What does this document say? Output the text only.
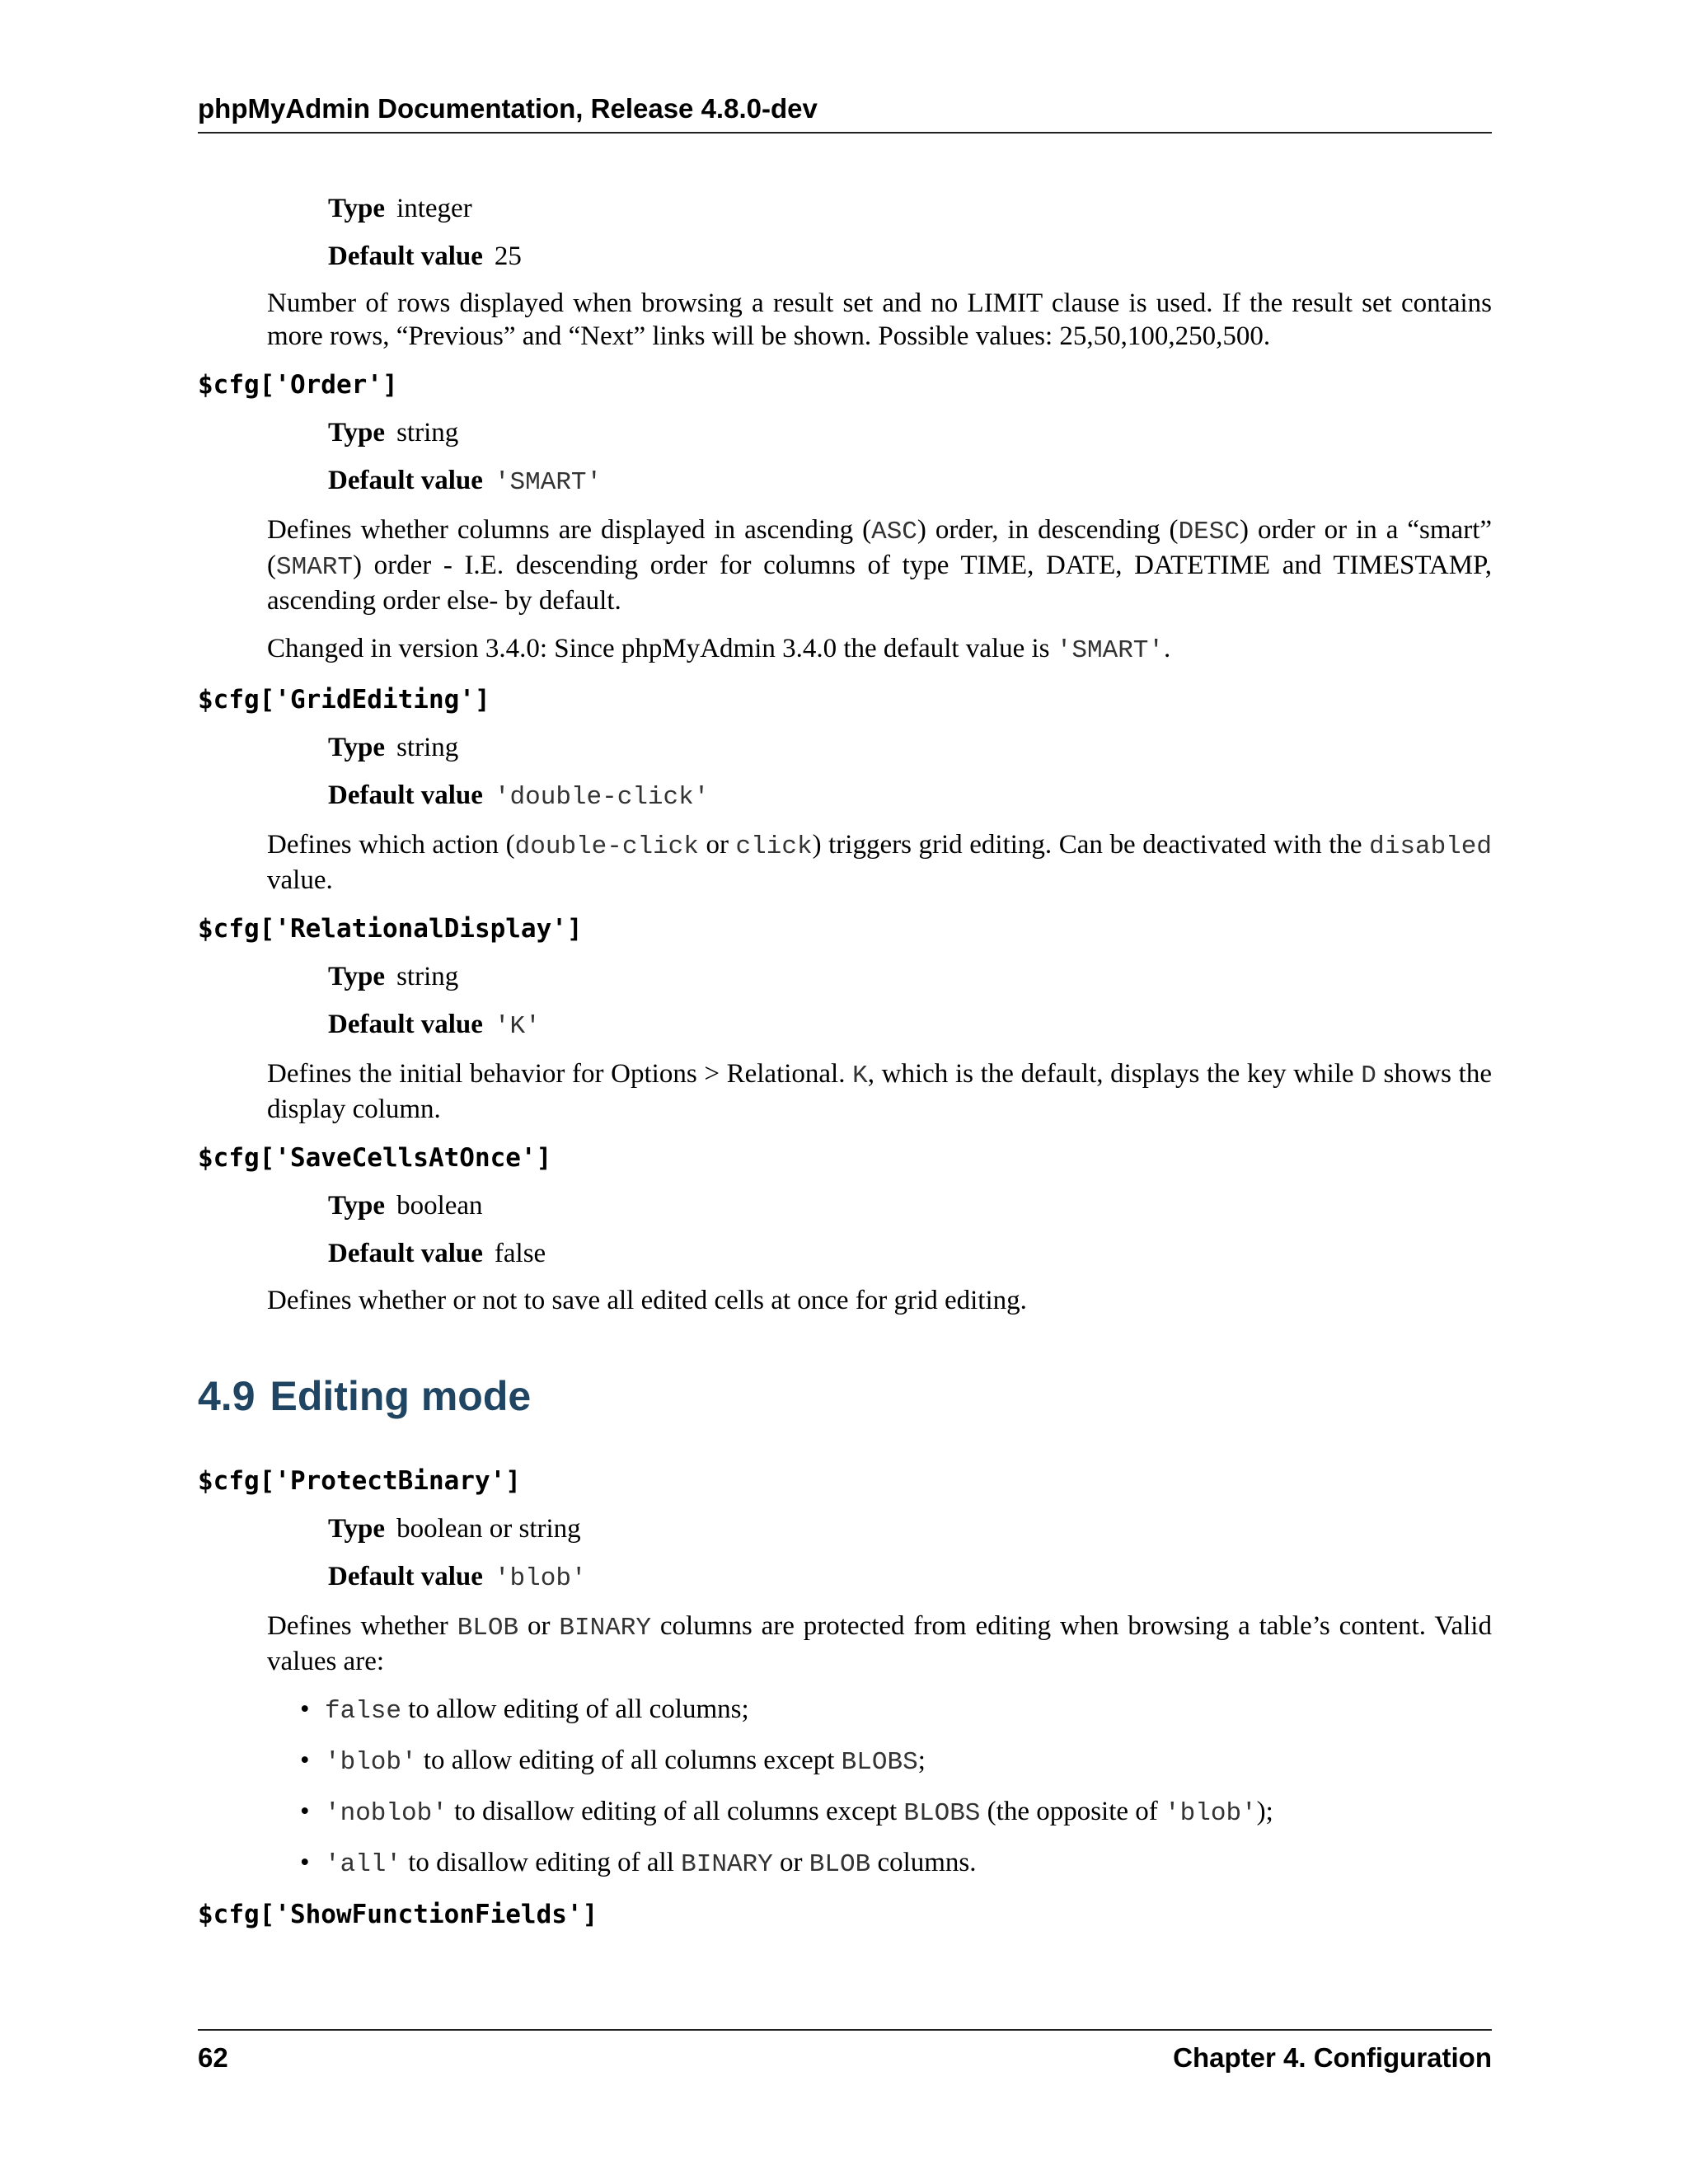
phpMyAdmin Documentation, Release 4.8.0-dev
Type integer
Default value 25
Number of rows displayed when browsing a result set and no LIMIT clause is used. If the result set contains more rows, “Previous” and “Next” links will be shown. Possible values: 25,50,100,250,500.
$cfg['Order']
Type string
Default value 'SMART'
Defines whether columns are displayed in ascending (ASC) order, in descending (DESC) order or in a “smart” (SMART) order - I.E. descending order for columns of type TIME, DATE, DATETIME and TIMESTAMP, ascending order else- by default.
Changed in version 3.4.0: Since phpMyAdmin 3.4.0 the default value is 'SMART'.
$cfg['GridEditing']
Type string
Default value 'double-click'
Defines which action (double-click or click) triggers grid editing. Can be deactivated with the disabled value.
$cfg['RelationalDisplay']
Type string
Default value 'K'
Defines the initial behavior for Options > Relational. K, which is the default, displays the key while D shows the display column.
$cfg['SaveCellsAtOnce']
Type boolean
Default value false
Defines whether or not to save all edited cells at once for grid editing.
4.9 Editing mode
$cfg['ProtectBinary']
Type boolean or string
Default value 'blob'
Defines whether BLOB or BINARY columns are protected from editing when browsing a table’s content. Valid values are:
• false to allow editing of all columns;
• 'blob' to allow editing of all columns except BLOBS;
• 'noblob' to disallow editing of all columns except BLOBS (the opposite of 'blob');
• 'all' to disallow editing of all BINARY or BLOB columns.
$cfg['ShowFunctionFields']
62	Chapter 4. Configuration
